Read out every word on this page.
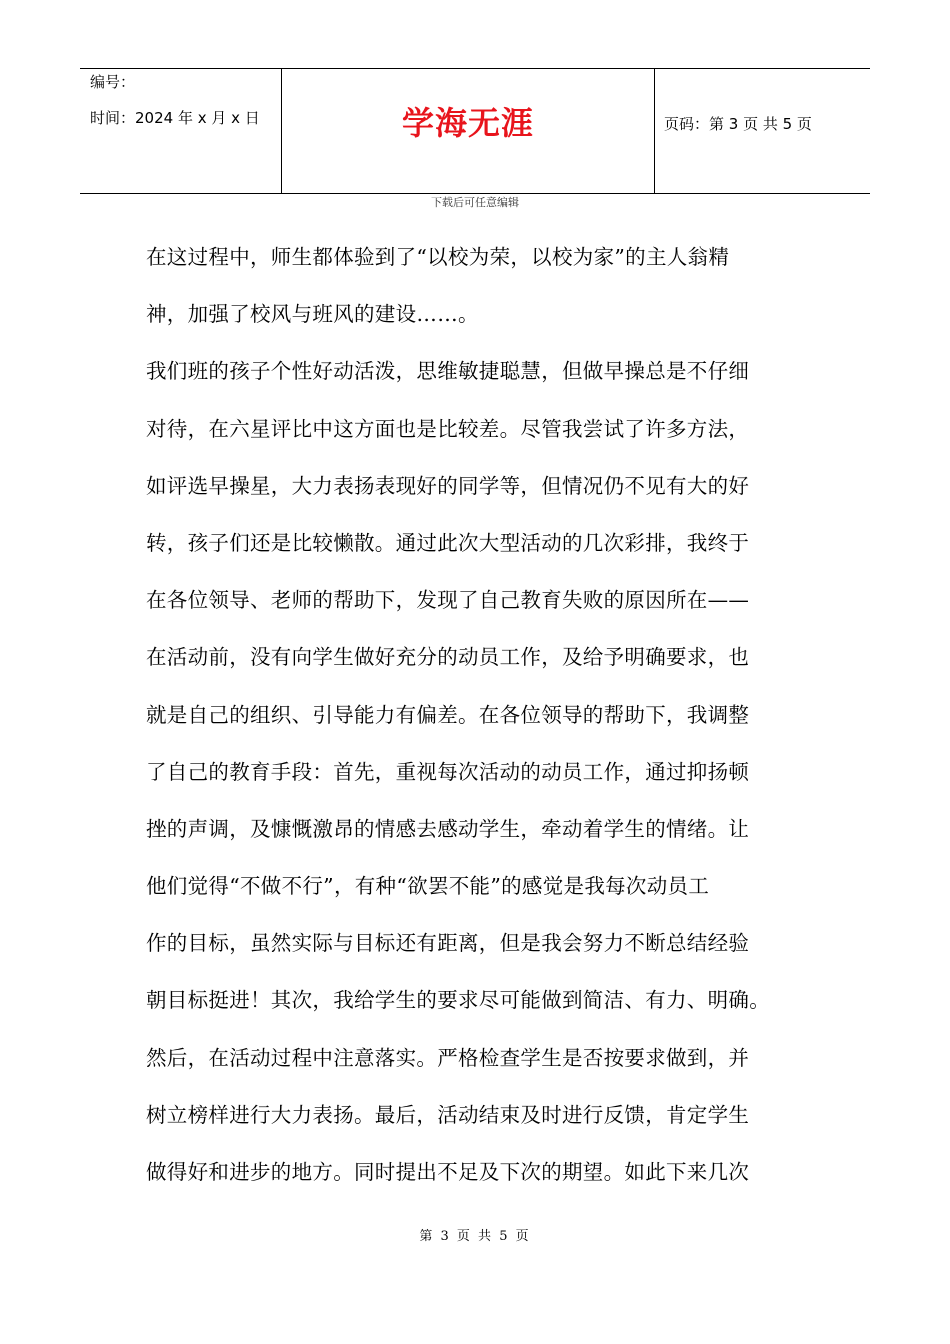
编号：
时间：2024 年 x 月 x 日	学海无涯	页码：第 3 页 共 5 页
下载后可任意编辑
在这过程中，师生都体验到了“以校为荣，以校为家”的主人翁精
神，加强了校风与班风的建设……。
我们班的孩子个性好动活泼，思维敏捷聪慧，但做早操总是不仔细
对待，在六星评比中这方面也是比较差。尽管我尝试了许多方法，
如评选早操星，大力表扬表现好的同学等，但情况仍不见有大的好
转，孩子们还是比较懒散。通过此次大型活动的几次彩排，我终于
在各位领导、老师的帮助下，发现了自己教育失败的原因所在——
在活动前，没有向学生做好充分的动员工作，及给予明确要求，也
就是自己的组织、引导能力有偏差。在各位领导的帮助下，我调整
了自己的教育手段：首先，重视每次活动的动员工作，通过抑扬顿
挫的声调，及慷慨激昂的情感去感动学生，牵动着学生的情绪。让
他们觉得“不做不行”，有种“欲罢不能”的感觉是我每次动员工
作的目标，虽然实际与目标还有距离，但是我会努力不断总结经验
朝目标挺进！其次，我给学生的要求尽可能做到简洁、有力、明确。
然后，在活动过程中注意落实。严格检查学生是否按要求做到，并
树立榜样进行大力表扬。最后，活动结束及时进行反馈，肯定学生
做得好和进步的地方。同时提出不足及下次的期望。如此下来几次
第 3 页 共 5 页
